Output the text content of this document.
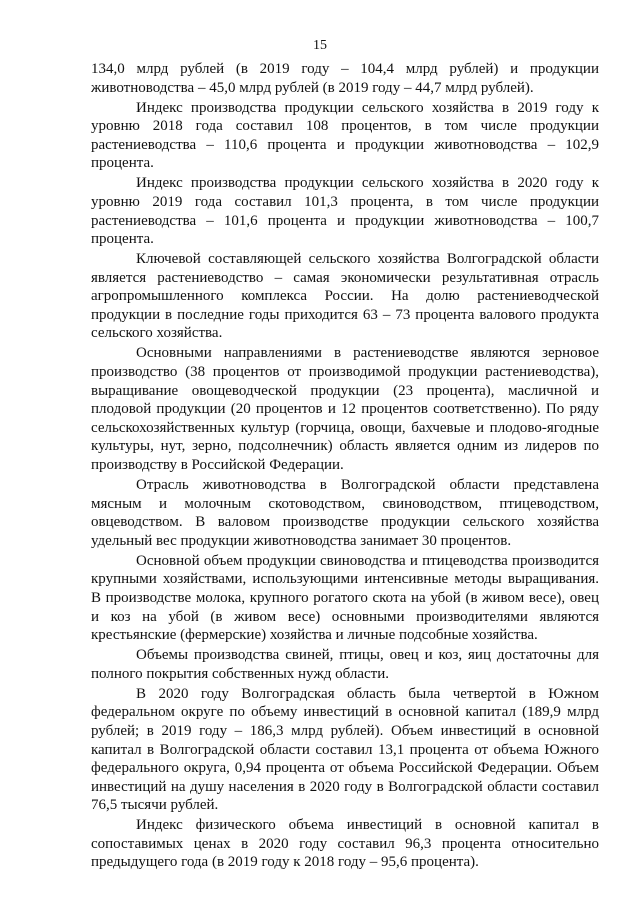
15

134,0 млрд рублей (в 2019 году – 104,4 млрд рублей) и продукции животноводства – 45,0 млрд рублей (в 2019 году – 44,7 млрд рублей).

Индекс производства продукции сельского хозяйства в 2019 году к уровню 2018 года составил 108 процентов, в том числе продукции растениеводства – 110,6 процента и продукции животноводства – 102,9 процента.

Индекс производства продукции сельского хозяйства в 2020 году к уровню 2019 года составил 101,3 процента, в том числе продукции растениеводства – 101,6 процента и продукции животноводства – 100,7 процента.

Ключевой составляющей сельского хозяйства Волгоградской области является растениеводство – самая экономически результативная отрасль агропромышленного комплекса России. На долю растениеводческой продукции в последние годы приходится 63 – 73 процента валового продукта сельского хозяйства.

Основными направлениями в растениеводстве являются зерновое производство (38 процентов от производимой продукции растениеводства), выращивание овощеводческой продукции (23 процента), масличной и плодовой продукции (20 процентов и 12 процентов соответственно). По ряду сельскохозяйственных культур (горчица, овощи, бахчевые и плодово-ягодные культуры, нут, зерно, подсолнечник) область является одним из лидеров по производству в Российской Федерации.

Отрасль животноводства в Волгоградской области представлена мясным и молочным скотоводством, свиноводством, птицеводством, овцеводством. В валовом производстве продукции сельского хозяйства удельный вес продукции животноводства занимает 30 процентов.

Основной объем продукции свиноводства и птицеводства производится крупными хозяйствами, использующими интенсивные методы выращивания. В производстве молока, крупного рогатого скота на убой (в живом весе), овец и коз на убой (в живом весе) основными производителями являются крестьянские (фермерские) хозяйства и личные подсобные хозяйства.

Объемы производства свиней, птицы, овец и коз, яиц достаточны для полного покрытия собственных нужд области.

В 2020 году Волгоградская область была четвертой в Южном федеральном округе по объему инвестиций в основной капитал (189,9 млрд рублей; в 2019 году – 186,3 млрд рублей). Объем инвестиций в основной капитал в Волгоградской области составил 13,1 процента от объема Южного федерального округа, 0,94 процента от объема Российской Федерации. Объем инвестиций на душу населения в 2020 году в Волгоградской области составил 76,5 тысячи рублей.

Индекс физического объема инвестиций в основной капитал в сопоставимых ценах в 2020 году составил 96,3 процента относительно предыдущего года (в 2019 году к 2018 году – 95,6 процента).
